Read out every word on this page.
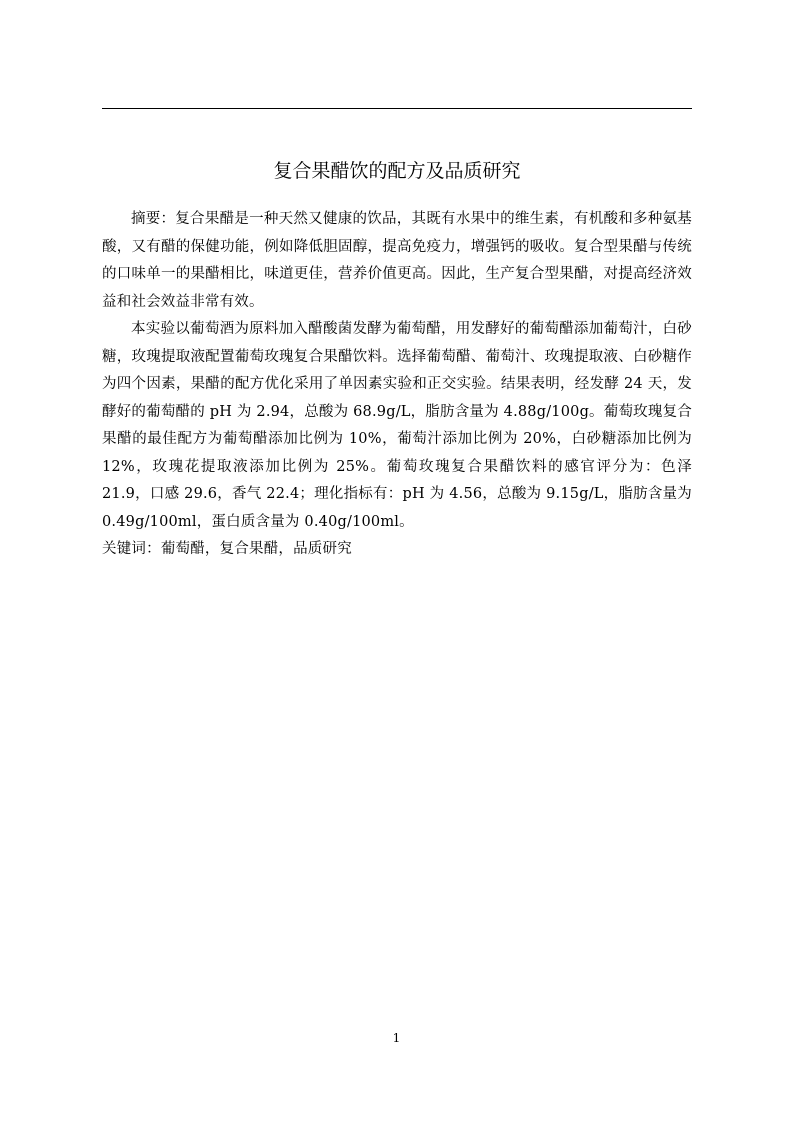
复合果醋饮的配方及品质研究

摘要：复合果醋是一种天然又健康的饮品，其既有水果中的维生素，有机酸和多种氨基酸，又有醋的保健功能，例如降低胆固醇，提高免疫力，增强钙的吸收。复合型果醋与传统的口味单一的果醋相比，味道更佳，营养价值更高。因此，生产复合型果醋，对提高经济效益和社会效益非常有效。

本实验以葡萄酒为原料加入醋酸菌发酵为葡萄醋，用发酵好的葡萄醋添加葡萄汁，白砂糖，玫瑰提取液配置葡萄玫瑰复合果醋饮料。选择葡萄醋、葡萄汁、玫瑰提取液、白砂糖作为四个因素，果醋的配方优化采用了单因素实验和正交实验。结果表明，经发酵 24 天，发酵好的葡萄醋的 pH 为 2.94，总酸为 68.9g/L，脂肪含量为 4.88g/100g。葡萄玫瑰复合果醋的最佳配方为葡萄醋添加比例为 10%，葡萄汁添加比例为 20%，白砂糖添加比例为 12%，玫瑰花提取液添加比例为 25%。葡萄玫瑰复合果醋饮料的感官评分为：色泽 21.9，口感 29.6，香气 22.4；理化指标有：pH 为 4.56，总酸为 9.15g/L，脂肪含量为 0.49g/100ml，蛋白质含量为 0.40g/100ml。

关键词：葡萄醋，复合果醋，品质研究

1
